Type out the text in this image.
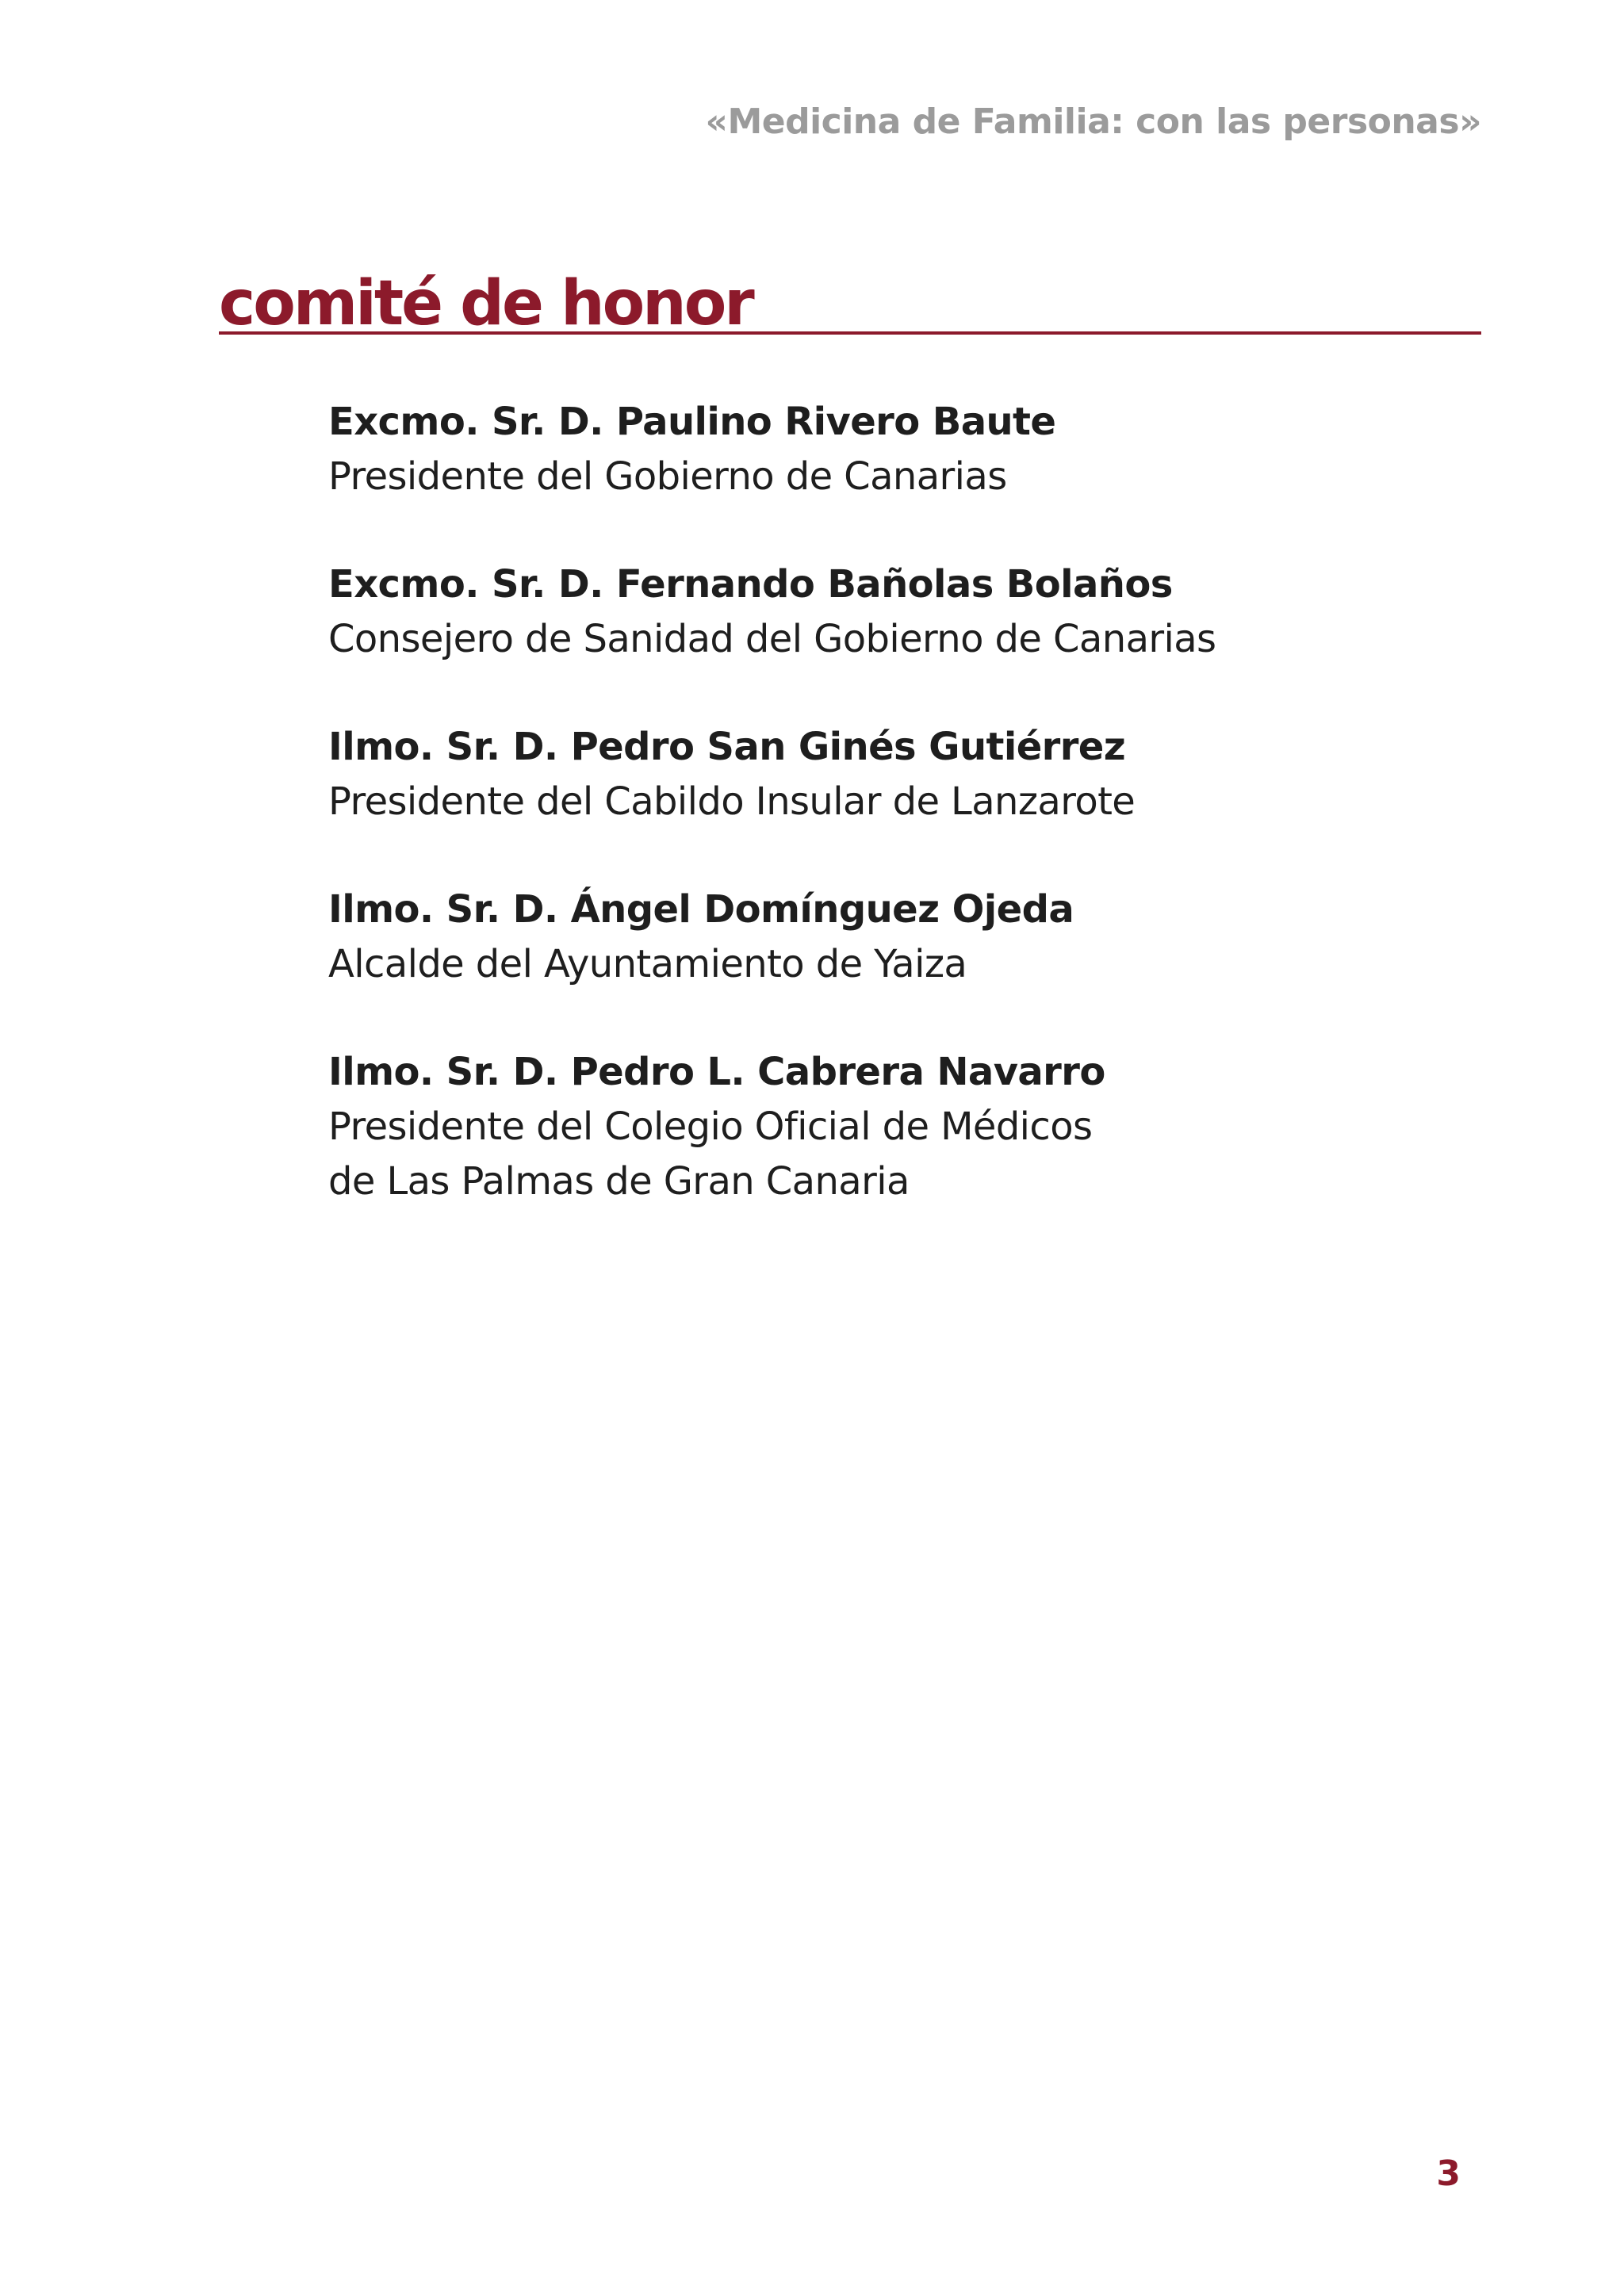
«Medicina de Familia: con las personas»
comité de honor
Excmo. Sr. D. Paulino Rivero Baute
Presidente del Gobierno de Canarias
Excmo. Sr. D. Fernando Bañolas Bolaños
Consejero de Sanidad del Gobierno de Canarias
Ilmo. Sr. D. Pedro San Ginés Gutiérrez
Presidente del Cabildo Insular de Lanzarote
Ilmo. Sr. D. Ángel Domínguez Ojeda
Alcalde del Ayuntamiento de Yaiza
Ilmo. Sr. D. Pedro L. Cabrera Navarro
Presidente del Colegio Oficial de Médicos
de Las Palmas de Gran Canaria
3
